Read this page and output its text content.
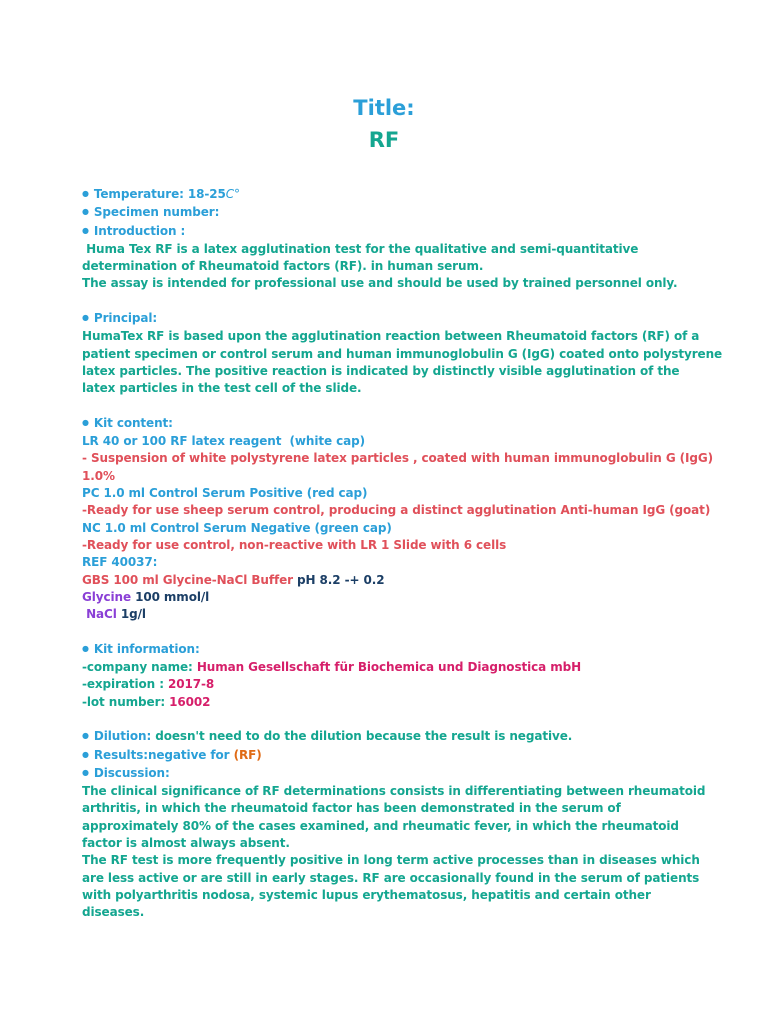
Title:
RF
● Temperature: 18-25C°
● Specimen number:
● Introduction :
Huma Tex RF is a latex agglutination test for the qualitative and semi-quantitative
determination of Rheumatoid factors (RF). in human serum.
The assay is intended for professional use and should be used by trained personnel only.
● Principal:
HumaTex RF is based upon the agglutination reaction between Rheumatoid factors (RF) of a
patient specimen or control serum and human immunoglobulin G (IgG) coated onto polystyrene
latex particles. The positive reaction is indicated by distinctly visible agglutination of the
latex particles in the test cell of the slide.
● Kit content:
LR 40 or 100 RF latex reagent  (white cap)
- Suspension of white polystyrene latex particles , coated with human immunoglobulin G (IgG)
1.0%
PC 1.0 ml Control Serum Positive (red cap)
-Ready for use sheep serum control, producing a distinct agglutination Anti-human IgG (goat)
NC 1.0 ml Control Serum Negative (green cap)
-Ready for use control, non-reactive with LR 1 Slide with 6 cells
REF 40037:
GBS 100 ml Glycine-NaCl Buffer pH 8.2 -+ 0.2
Glycine 100 mmol/l
NaCl 1g/l
● Kit information:
-company name: Human Gesellschaft für Biochemica und Diagnostica mbH
-expiration : 2017-8
-lot number: 16002
● Dilution: doesn't need to do the dilution because the result is negative.
● Results:negative for (RF)
● Discussion:
The clinical significance of RF determinations consists in differentiating between rheumatoid
arthritis, in which the rheumatoid factor has been demonstrated in the serum of
approximately 80% of the cases examined, and rheumatic fever, in which the rheumatoid
factor is almost always absent.
The RF test is more frequently positive in long term active processes than in diseases which
are less active or are still in early stages. RF are occasionally found in the serum of patients
with polyarthritis nodosa, systemic lupus erythematosus, hepatitis and certain other
diseases.
